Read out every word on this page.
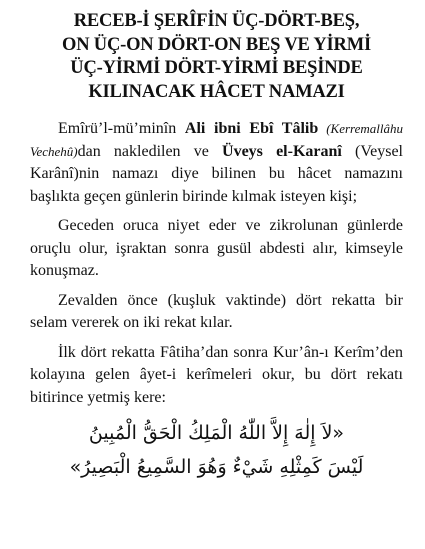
RECEB-İ ŞERÎFİN ÜÇ-DÖRT-BEŞ,
ON ÜÇ-ON DÖRT-ON BEŞ VE YİRMİ
ÜÇ-YİRMİ DÖRT-YİRMİ BEŞİNDE
KILINACAK HÂCET NAMAZI

Emîrü’l-mü’minîn Ali ibni Ebî Tâlib (Kerremallâhu Vechehû)dan nakledilen ve Üveys el-Karanî (Veysel Karânî)nin namazı diye bilinen bu hâcet namazını başlıkta geçen günlerin birinde kılmak isteyen kişi;

Geceden oruca niyet eder ve zikrolunan günlerde oruçlu olur, işraktan sonra gusül abdesti alır, kimseyle konuşmaz.

Zevalden önce (kuşluk vaktinde) dört rekatta bir selam vererek on iki rekat kılar.

İlk dört rekatta Fâtiha’dan sonra Kur’ân-ı Kerîm’den kolayına gelen âyet-i kerîmeleri okur, bu dört rekatı bitirince yetmiş kere:

«لاَ إِلٰهَ إِلاَّ اللّٰهُ الْمَلِكُ الْحَقُّ الْمُبِينُ
لَيْسَ كَمِثْلِهِ شَيْءٌ وَهُوَ السَّمِيعُ الْبَصِيرُ»
